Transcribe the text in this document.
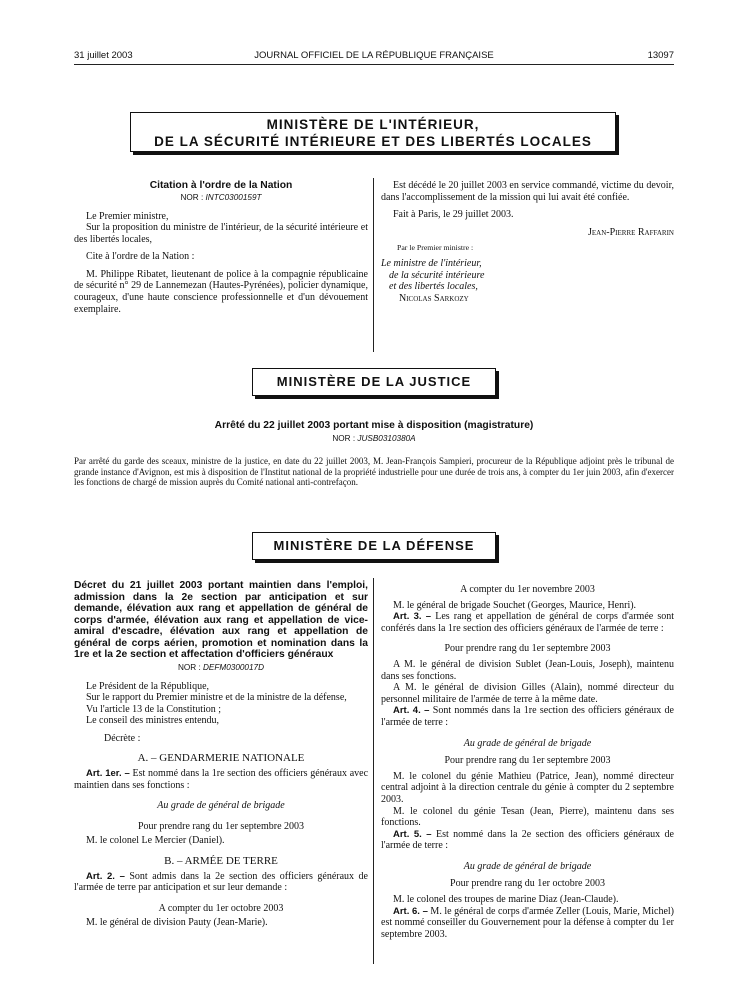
31 juillet 2003	JOURNAL OFFICIEL DE LA RÉPUBLIQUE FRANÇAISE	13097
MINISTÈRE DE L'INTÉRIEUR,
DE LA SÉCURITÉ INTÉRIEURE ET DES LIBERTÉS LOCALES
Citation à l'ordre de la Nation
NOR : INTC0300159T

Le Premier ministre,

Sur la proposition du ministre de l'intérieur, de la sécurité intérieure et des libertés locales,

Cite à l'ordre de la Nation :

M. Philippe Ribatet, lieutenant de police à la compagnie républicaine de sécurité n° 29 de Lannemezan (Hautes-Pyrénées), policier dynamique, courageux, d'une haute conscience professionnelle et d'un dévouement exemplaire.

Est décédé le 20 juillet 2003 en service commandé, victime du devoir, dans l'accomplissement de la mission qui lui avait été confiée.

Fait à Paris, le 29 juillet 2003.

Jean-Pierre Raffarin

Par le Premier ministre :

Le ministre de l'intérieur,

de la sécurité intérieure

et des libertés locales,

Nicolas Sarkozy

MINISTÈRE DE LA JUSTICE
Arrêté du 22 juillet 2003 portant mise à disposition (magistrature)
NOR : JUSB0310380A

Par arrêté du garde des sceaux, ministre de la justice, en date du 22 juillet 2003, M. Jean-François Sampieri, procureur de la République adjoint près le tribunal de grande instance d'Avignon, est mis à disposition de l'Institut national de la propriété industrielle pour une durée de trois ans, à compter du 1er juin 2003, afin d'exercer les fonctions de chargé de mission auprès du Comité national anti-contrefaçon.

MINISTÈRE DE LA DÉFENSE
Décret du 21 juillet 2003 portant maintien dans l'emploi, admission dans la 2e section par anticipation et sur demande, élévation aux rang et appellation de général de corps d'armée, élévation aux rang et appellation de vice-amiral d'escadre, élévation aux rang et appellation de général de corps aérien, promotion et nomination dans la 1re et la 2e section et affectation d'officiers généraux
NOR : DEFM0300017D

Le Président de la République,

Sur le rapport du Premier ministre et de la ministre de la défense,

Vu l'article 13 de la Constitution ;

Le conseil des ministres entendu,

Décrète :

A. – GENDARMERIE NATIONALE

Art. 1er. – Est nommé dans la 1re section des officiers généraux avec maintien dans ses fonctions :

Au grade de général de brigade

Pour prendre rang du 1er septembre 2003

M. le colonel Le Mercier (Daniel).

B. – ARMÉE DE TERRE

Art. 2. – Sont admis dans la 2e section des officiers généraux de l'armée de terre par anticipation et sur leur demande :

A compter du 1er octobre 2003

M. le général de division Pauty (Jean-Marie).

A compter du 1er novembre 2003

M. le général de brigade Souchet (Georges, Maurice, Henri).

Art. 3. – Les rang et appellation de général de corps d'armée sont conférés dans la 1re section des officiers généraux de l'armée de terre :

Pour prendre rang du 1er septembre 2003

A M. le général de division Sublet (Jean-Louis, Joseph), maintenu dans ses fonctions.

A M. le général de division Gilles (Alain), nommé directeur du personnel militaire de l'armée de terre à la même date.

Art. 4. – Sont nommés dans la 1re section des officiers généraux de l'armée de terre :

Au grade de général de brigade

Pour prendre rang du 1er septembre 2003

M. le colonel du génie Mathieu (Patrice, Jean), nommé directeur central adjoint à la direction centrale du génie à compter du 2 septembre 2003.

M. le colonel du génie Tesan (Jean, Pierre), maintenu dans ses fonctions.

Art. 5. – Est nommé dans la 2e section des officiers généraux de l'armée de terre :

Au grade de général de brigade

Pour prendre rang du 1er octobre 2003

M. le colonel des troupes de marine Diaz (Jean-Claude).

Art. 6. – M. le général de corps d'armée Zeller (Louis, Marie, Michel) est nommé conseiller du Gouvernement pour la défense à compter du 1er septembre 2003.
